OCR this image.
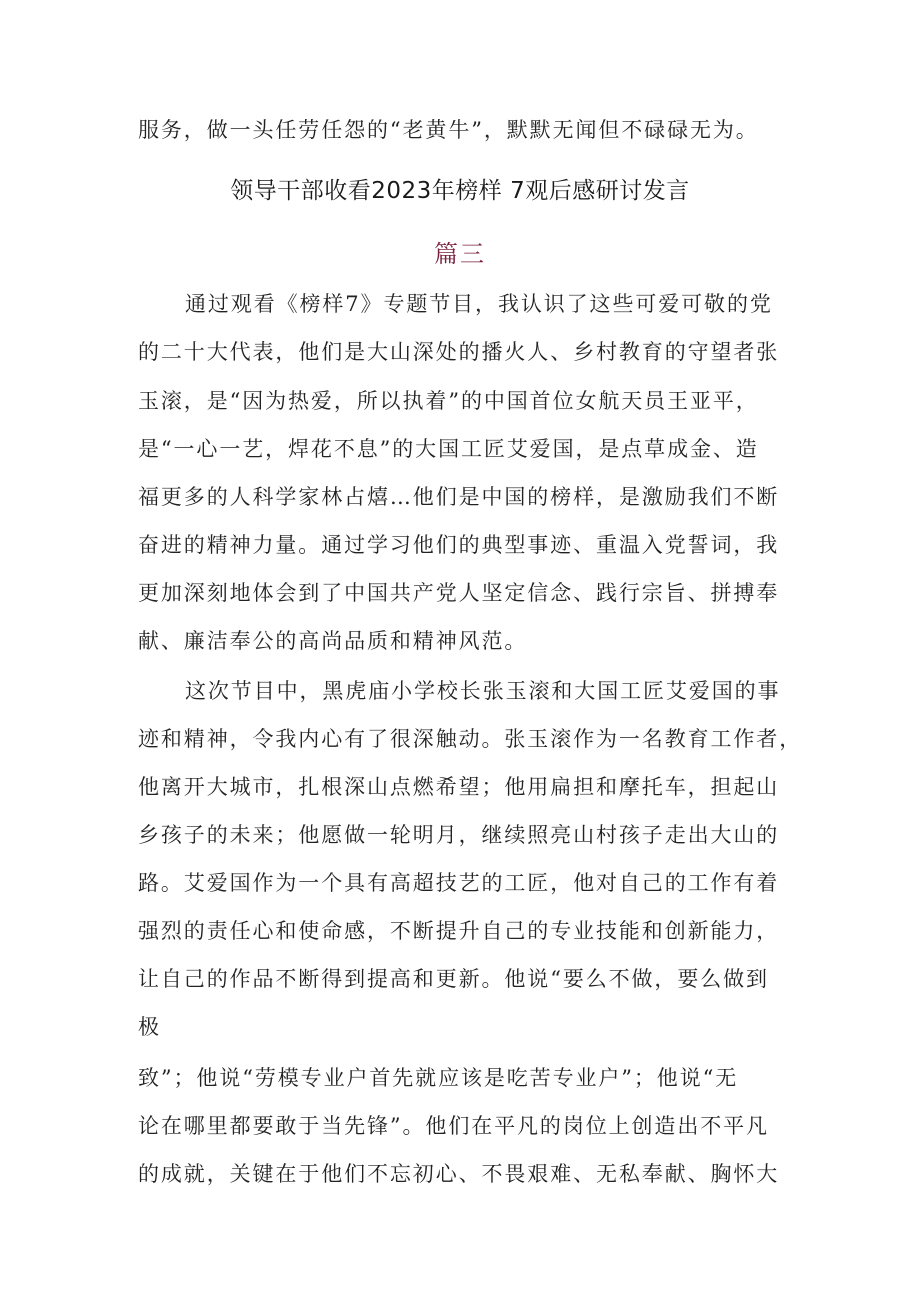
服务，做一头任劳任怨的“老黄牛”，默默无闻但不碌碌无为。
领导干部收看2023年榜样 7观后感研讨发言
篇三
通过观看《榜样7》专题节目，我认识了这些可爱可敬的党
的二十大代表，他们是大山深处的播火人、乡村教育的守望者张
玉滚，是“因为热爱，所以执着”的中国首位女航天员王亚平，
是“一心一艺，焊花不息”的大国工匠艾爱国，是点草成金、造
福更多的人科学家林占熺…他们是中国的榜样，是激励我们不断
奋进的精神力量。通过学习他们的典型事迹、重温入党誓词，我
更加深刻地体会到了中国共产党人坚定信念、践行宗旨、拼搏奉
献、廉洁奉公的高尚品质和精神风范。
这次节目中，黑虎庙小学校长张玉滚和大国工匠艾爱国的事
迹和精神，令我内心有了很深触动。张玉滚作为一名教育工作者，
他离开大城市，扎根深山点燃希望；他用扁担和摩托车，担起山
乡孩子的未来；他愿做一轮明月，继续照亮山村孩子走出大山的
路。艾爱国作为一个具有高超技艺的工匠，他对自己的工作有着
强烈的责任心和使命感，不断提升自己的专业技能和创新能力，
让自己的作品不断得到提高和更新。他说“要么不做，要么做到
极
致”；他说“劳模专业户首先就应该是吃苦专业户”；他说“无
论在哪里都要敢于当先锋”。他们在平凡的岗位上创造出不平凡
的成就，关键在于他们不忘初心、不畏艰难、无私奉献、胸怀大
